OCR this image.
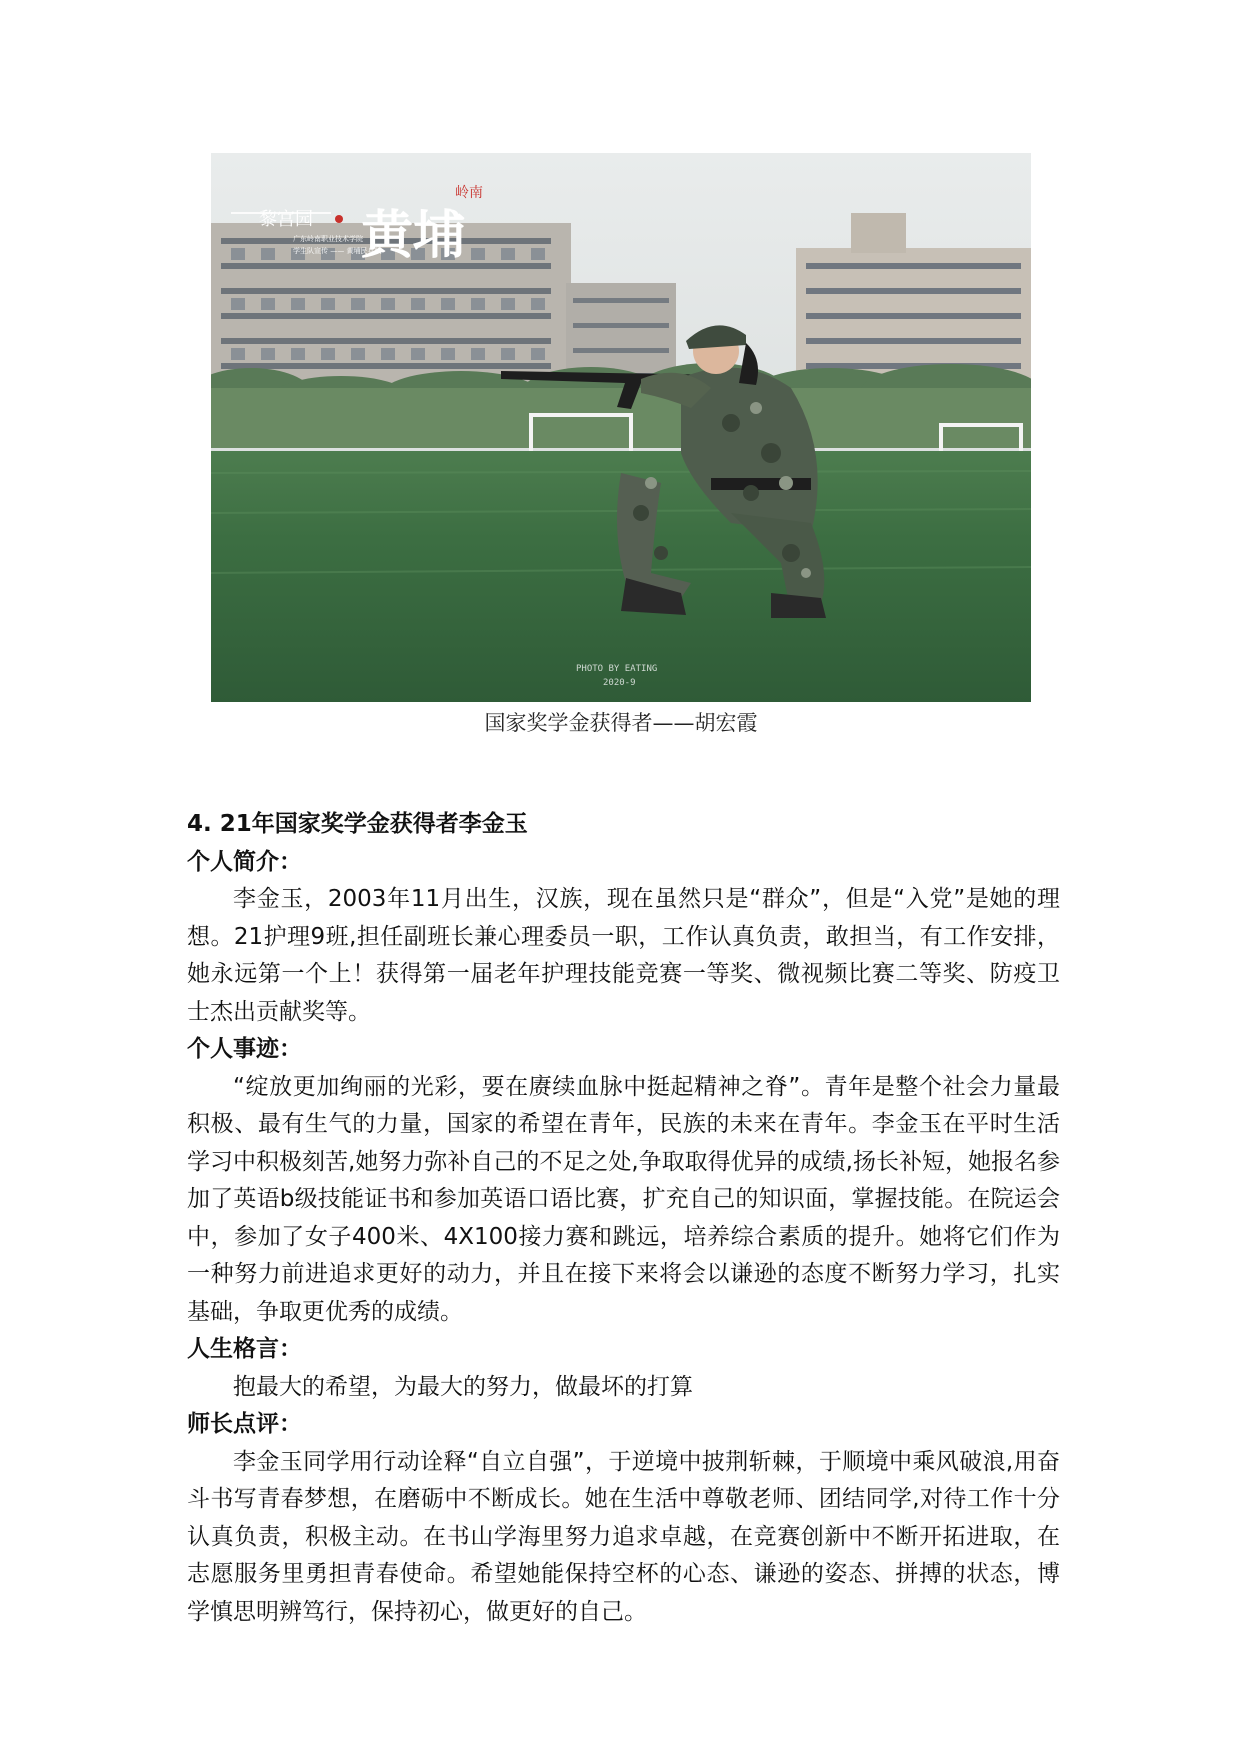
黎宫园 黄埔
岭南
广东岭南职业技术学院
学生队宣传 —— 黄埔民兵队
PHOTO BY EATING
2020-9
国家奖学金获得者——胡宏霞
4. 21年国家奖学金获得者李金玉
个人简介：

李金玉，2003年11月出生，汉族，现在虽然只是“群众”，但是“入党”是她的理想。21护理9班,担任副班长兼心理委员一职，工作认真负责，敢担当，有工作安排，她永远第一个上！获得第一届老年护理技能竞赛一等奖、微视频比赛二等奖、防疫卫士杰出贡献奖等。

个人事迹：

“绽放更加绚丽的光彩，要在赓续血脉中挺起精神之脊”。青年是整个社会力量最积极、最有生气的力量，国家的希望在青年，民族的未来在青年。李金玉在平时生活学习中积极刻苦,她努力弥补自己的不足之处,争取取得优异的成绩,扬长补短，她报名参加了英语b级技能证书和参加英语口语比赛，扩充自己的知识面，掌握技能。在院运会中，参加了女子400米、4X100接力赛和跳远，培养综合素质的提升。她将它们作为一种努力前进追求更好的动力，并且在接下来将会以谦逊的态度不断努力学习，扎实基础，争取更优秀的成绩。

人生格言：

抱最大的希望，为最大的努力，做最坏的打算

师长点评：

李金玉同学用行动诠释“自立自强”，于逆境中披荆斩棘，于顺境中乘风破浪,用奋斗书写青春梦想，在磨砺中不断成长。她在生活中尊敬老师、团结同学,对待工作十分认真负责，积极主动。在书山学海里努力追求卓越，在竞赛创新中不断开拓进取，在志愿服务里勇担青春使命。希望她能保持空杯的心态、谦逊的姿态、拼搏的状态，博学慎思明辨笃行，保持初心，做更好的自己。
